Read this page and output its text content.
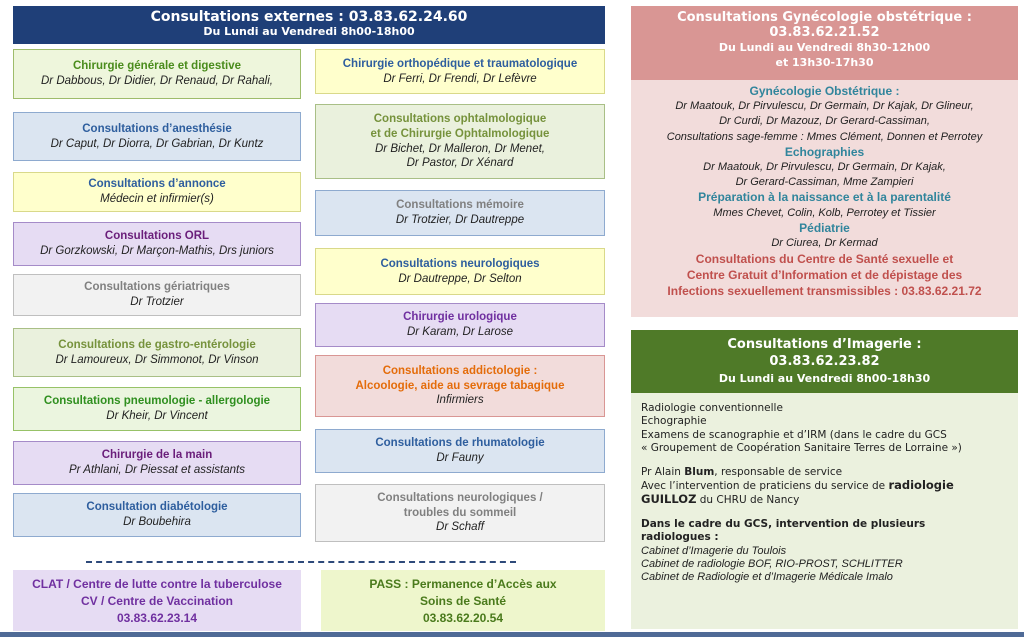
Consultations externes : 03.83.62.24.60
Du Lundi au Vendredi 8h00-18h00
Chirurgie générale et digestive
Dr Dabbous, Dr Didier, Dr Renaud, Dr Rahali,
Consultations d’anesthésie
Dr Caput, Dr Diorra, Dr Gabrian, Dr Kuntz
Consultations d’annonce
Médecin et infirmier(s)
Consultations ORL
Dr Gorzkowski, Dr Marçon-Mathis, Drs juniors
Consultations gériatriques
Dr Trotzier
Consultations de gastro-entérologie
Dr Lamoureux, Dr Simmonot, Dr Vinson
Consultations pneumologie - allergologie
Dr Kheir, Dr Vincent
Chirurgie de la main
Pr Athlani, Dr Piessat et assistants
Consultation diabétologie
Dr Boubehira
Chirurgie orthopédique et traumatologique
Dr Ferri, Dr Frendi, Dr Lefèvre
Consultations ophtalmologique
et de Chirurgie Ophtalmologique
Dr Bichet, Dr Malleron, Dr Menet,
Dr Pastor, Dr Xénard
Consultations mémoire
Dr Trotzier, Dr Dautreppe
Consultations neurologiques
Dr Dautreppe, Dr Selton
Chirurgie urologique
Dr Karam, Dr Larose
Consultations addictologie :
Alcoologie, aide au sevrage tabagique
Infirmiers
Consultations de rhumatologie
Dr Fauny
Consultations neurologiques /
troubles du sommeil
Dr Schaff
CLAT / Centre de lutte contre la tuberculose
CV / Centre de Vaccination
03.83.62.23.14
PASS : Permanence d’Accès aux
Soins de Santé
03.83.62.20.54
Consultations Gynécologie obstétrique :
03.83.62.21.52
Du Lundi au Vendredi 8h30-12h00
et 13h30-17h30
Gynécologie Obstétrique :
Dr Maatouk, Dr Pirvulescu, Dr Germain, Dr Kajak, Dr Glineur,
Dr Curdi, Dr Mazouz, Dr Gerard-Cassiman,
Consultations sage-femme : Mmes Clément, Donnen et Perrotey
Echographies
Dr Maatouk, Dr Pirvulescu, Dr Germain, Dr Kajak,
Dr Gerard-Cassiman, Mme Zampieri
Préparation à la naissance et à la parentalité
Mmes Chevet, Colin, Kolb, Perrotey et Tissier
Pédiatrie
Dr Ciurea, Dr Kermad
Consultations du Centre de Santé sexuelle et
Centre Gratuit d’Information et de dépistage des
Infections sexuellement transmissibles : 03.83.62.21.72
Consultations d’Imagerie :
03.83.62.23.82
Du Lundi au Vendredi 8h00-18h30
Radiologie conventionnelle
Echographie
Examens de scanographie et d’IRM (dans le cadre du GCS
« Groupement de Coopération Sanitaire Terres de Lorraine »)
Pr Alain Blum, responsable de service
Avec l’intervention de praticiens du service de radiologie
GUILLOZ du CHRU de Nancy
Dans le cadre du GCS, intervention de plusieurs
radiologues :
Cabinet d’Imagerie du Toulois
Cabinet de radiologie BOF, RIO-PROST, SCHLITTER
Cabinet de Radiologie et d’Imagerie Médicale Imalo
